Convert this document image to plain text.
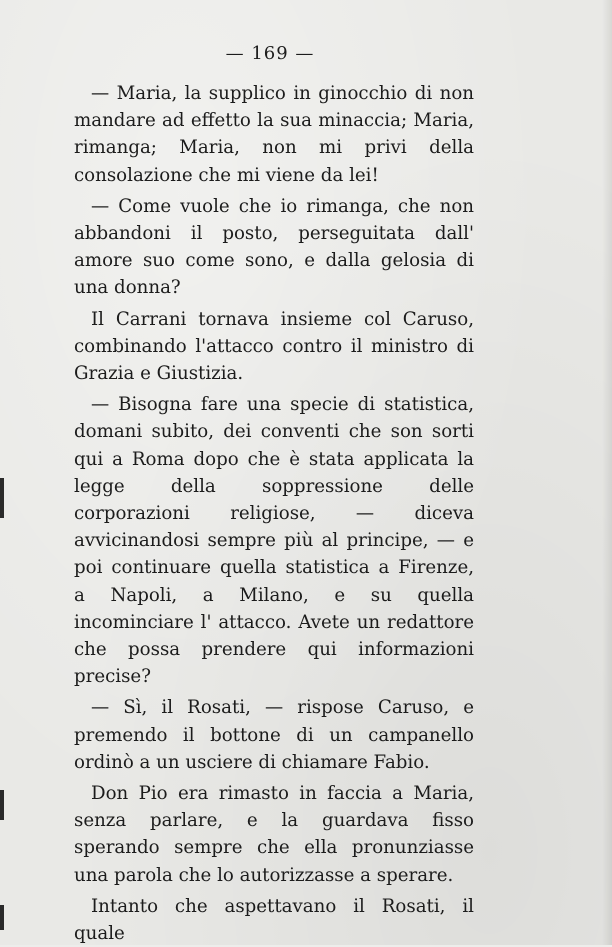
— 169 —

— Maria, la supplico in ginocchio di non mandare ad effetto la sua minaccia; Maria, rimanga; Maria, non mi privi della consolazione che mi viene da lei!

— Come vuole che io rimanga, che non abbandoni il posto, perseguitata dall' amore suo come sono, e dalla gelosia di una donna?

Il Carrani tornava insieme col Caruso, combinando l'attacco contro il ministro di Grazia e Giustizia.

— Bisogna fare una specie di statistica, domani subito, dei conventi che son sorti qui a Roma dopo che è stata applicata la legge della soppressione delle corporazioni religiose, — diceva avvicinandosi sempre più al principe, — e poi continuare quella statistica a Firenze, a Napoli, a Milano, e su quella incominciare l' attacco. Avete un redattore che possa prendere qui informazioni precise?

— Sì, il Rosati, — rispose Caruso, e premendo il bottone di un campanello ordinò a un usciere di chiamare Fabio.

Don Pio era rimasto in faccia a Maria, senza parlare, e la guardava fisso sperando sempre che ella pronunziasse una parola che lo autorizzasse a sperare.

Intanto che aspettavano il Rosati, il quale
